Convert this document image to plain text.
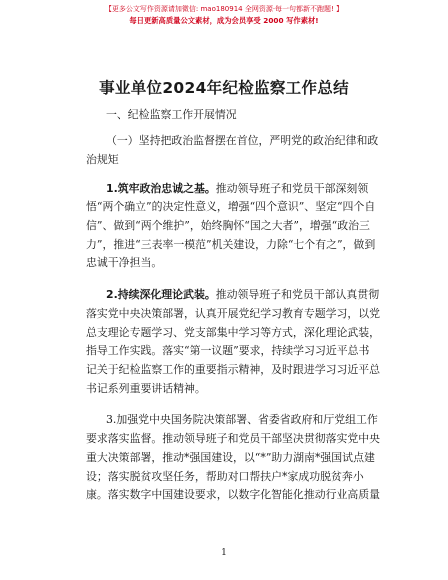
【更多公文写作资源请加微信: mao180914 全网资源·每一句都新不跑题! 】
每日更新高质量公文素材，成为会员享受 2000 写作素材!
事业单位2024年纪检监察工作总结
一、纪检监察工作开展情况
（一）坚持把政治监督摆在首位，严明党的政治纪律和政
治规矩
1.筑牢政治忠诚之基。推动领导班子和党员干部深刻领
悟“两个确立”的决定性意义，增强“四个意识”、坚定“四个自
信”、做到“两个维护”，始终胸怀“国之大者”，增强“政治三
力”，推进“三表率一模范”机关建设，力除“七个有之”，做到
忠诚干净担当。
2.持续深化理论武装。推动领导班子和党员干部认真贯彻
落实党中央决策部署，认真开展党纪学习教育专题学习，以党
总支理论专题学习、党支部集中学习等方式，深化理论武装，
指导工作实践。落实“第一议题”要求，持续学习习近平总书
记关于纪检监察工作的重要指示精神，及时跟进学习习近平总
书记系列重要讲话精神。
3.加强党中央国务院决策部署、省委省政府和厅党组工作
要求落实监督。推动领导班子和党员干部坚决贯彻落实党中央
重大决策部署，推动*强国建设，以“*”助力湖南*强国试点建
设；落实脱贫攻坚任务，帮助对口帮扶户*家成功脱贫奔小
康。落实数字中国建设要求，以数字化智能化推动行业高质量
1
